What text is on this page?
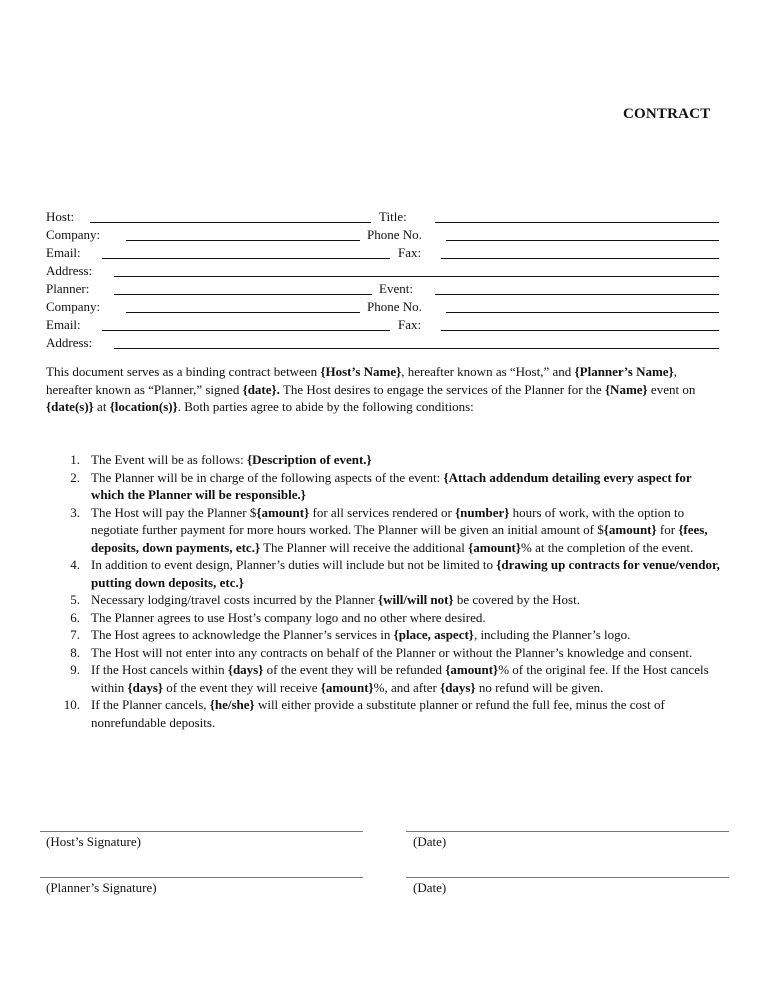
CONTRACT
Host:	Title:
Company:	Phone No.
Email:	Fax:
Address:
Planner:	Event:
Company:	Phone No.
Email:	Fax:
Address:
This document serves as a binding contract between {Host’s Name}, hereafter known as “Host,” and {Planner’s Name}, hereafter known as “Planner,” signed {date}. The Host desires to engage the services of the Planner for the {Name} event on {date(s)} at {location(s)}. Both parties agree to abide by the following conditions:
1. The Event will be as follows: {Description of event.}
2. The Planner will be in charge of the following aspects of the event: {Attach addendum detailing every aspect for which the Planner will be responsible.}
3. The Host will pay the Planner ${amount} for all services rendered or {number} hours of work, with the option to negotiate further payment for more hours worked. The Planner will be given an initial amount of ${amount} for {fees, deposits, down payments, etc.} The Planner will receive the additional {amount}% at the completion of the event.
4. In addition to event design, Planner’s duties will include but not be limited to {drawing up contracts for venue/vendor, putting down deposits, etc.}
5. Necessary lodging/travel costs incurred by the Planner {will/will not} be covered by the Host.
6. The Planner agrees to use Host’s company logo and no other where desired.
7. The Host agrees to acknowledge the Planner’s services in {place, aspect}, including the Planner’s logo.
8. The Host will not enter into any contracts on behalf of the Planner or without the Planner’s knowledge and consent.
9. If the Host cancels within {days} of the event they will be refunded {amount}% of the original fee. If the Host cancels within {days} of the event they will receive {amount}%, and after {days} no refund will be given.
10. If the Planner cancels, {he/she} will either provide a substitute planner or refund the full fee, minus the cost of nonrefundable deposits.
(Host’s Signature)	(Date)
(Planner’s Signature)	(Date)
